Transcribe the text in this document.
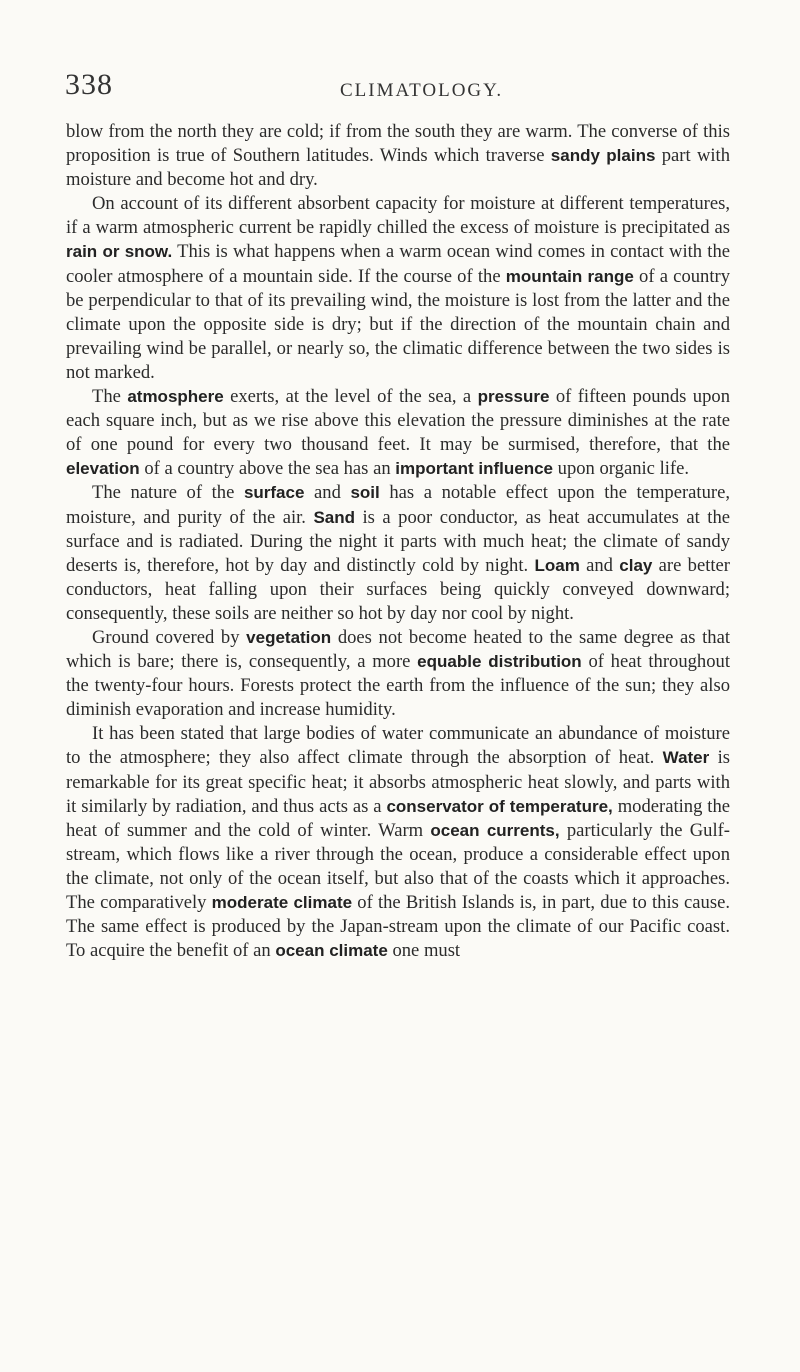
338	CLIMATOLOGY.

blow from the north they are cold; if from the south they are warm. The converse of this proposition is true of Southern latitudes. Winds which traverse sandy plains part with moisture and become hot and dry.

On account of its different absorbent capacity for moisture at different temperatures, if a warm atmospheric current be rapidly chilled the excess of moisture is precipitated as rain or snow. This is what happens when a warm ocean wind comes in contact with the cooler atmosphere of a mountain side. If the course of the mountain range of a country be perpendicular to that of its prevailing wind, the moisture is lost from the latter and the climate upon the opposite side is dry; but if the direction of the mountain chain and prevailing wind be parallel, or nearly so, the climatic difference between the two sides is not marked.

The atmosphere exerts, at the level of the sea, a pressure of fifteen pounds upon each square inch, but as we rise above this elevation the pressure diminishes at the rate of one pound for every two thousand feet. It may be surmised, therefore, that the elevation of a country above the sea has an important influence upon organic life.

The nature of the surface and soil has a notable effect upon the temperature, moisture, and purity of the air. Sand is a poor conductor, as heat accumulates at the surface and is radiated. During the night it parts with much heat; the climate of sandy deserts is, therefore, hot by day and distinctly cold by night. Loam and clay are better conductors, heat falling upon their surfaces being quickly conveyed downward; consequently, these soils are neither so hot by day nor cool by night.

Ground covered by vegetation does not become heated to the same degree as that which is bare; there is, consequently, a more equable distribution of heat throughout the twenty-four hours. Forests protect the earth from the influence of the sun; they also diminish evaporation and increase humidity.

It has been stated that large bodies of water communicate an abundance of moisture to the atmosphere; they also affect climate through the absorption of heat. Water is remarkable for its great specific heat; it absorbs atmospheric heat slowly, and parts with it similarly by radiation, and thus acts as a conservator of temperature, moderating the heat of summer and the cold of winter. Warm ocean currents, particularly the Gulf-stream, which flows like a river through the ocean, produce a considerable effect upon the climate, not only of the ocean itself, but also that of the coasts which it approaches. The comparatively moderate climate of the British Islands is, in part, due to this cause. The same effect is produced by the Japan-stream upon the climate of our Pacific coast. To acquire the benefit of an ocean climate one must
